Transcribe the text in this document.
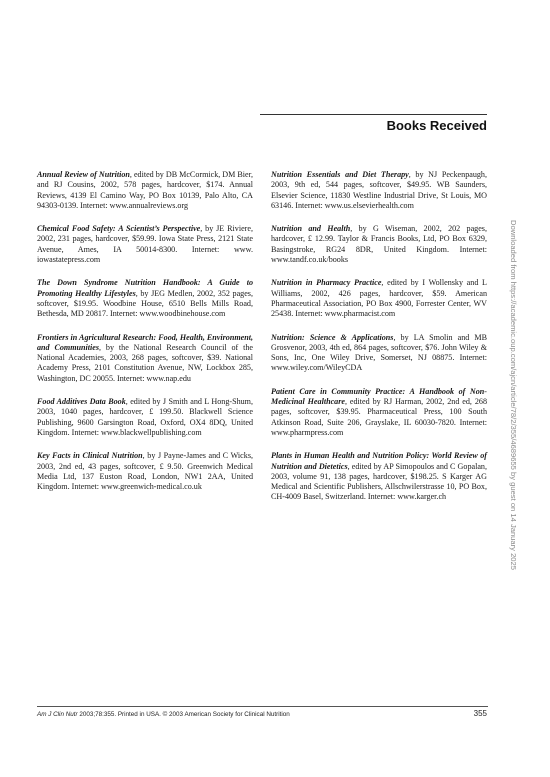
Books Received

Annual Review of Nutrition, edited by DB McCormick, DM Bier, and RJ Cousins, 2002, 578 pages, hardcover, $174. Annual Reviews, 4139 El Camino Way, PO Box 10139, Palo Alto, CA 94303-0139. Internet: www.annualreviews.org

Chemical Food Safety: A Scientist’s Perspective, by JE Riviere, 2002, 231 pages, hardcover, $59.99. Iowa State Press, 2121 State Avenue, Ames, IA 50014-8300. Internet: www. iowastatepress.com

The Down Syndrome Nutrition Handbook: A Guide to Promoting Healthy Lifestyles, by JEG Medlen, 2002, 352 pages, softcover, $19.95. Woodbine House, 6510 Bells Mills Road, Bethesda, MD 20817. Internet: www.woodbinehouse.com

Frontiers in Agricultural Research: Food, Health, Environment, and Communities, by the National Research Council of the National Academies, 2003, 268 pages, softcover, $39. National Academy Press, 2101 Constitution Avenue, NW, Lockbox 285, Washington, DC 20055. Internet: www.nap.edu

Food Additives Data Book, edited by J Smith and L Hong-Shum, 2003, 1040 pages, hardcover, £ 199.50. Blackwell Science Publishing, 9600 Garsington Road, Oxford, OX4 8DQ, United Kingdom. Internet: www.blackwellpublishing.com

Key Facts in Clinical Nutrition, by J Payne-James and C Wicks, 2003, 2nd ed, 43 pages, softcover, £ 9.50. Greenwich Medical Media Ltd, 137 Euston Road, London, NW1 2AA, United Kingdom. Internet: www.greenwich-medical.co.uk

Nutrition Essentials and Diet Therapy, by NJ Peckenpaugh, 2003, 9th ed, 544 pages, softcover, $49.95. WB Saunders, Elsevier Science, 11830 Westline Industrial Drive, St Louis, MO 63146. Internet: www.us.elsevierhealth.com

Nutrition and Health, by G Wiseman, 2002, 202 pages, hardcover, £ 12.99. Taylor & Francis Books, Ltd, PO Box 6329, Basingstroke, RG24 8DR, United Kingdom. Internet: www.tandf.co.uk/books

Nutrition in Pharmacy Practice, edited by I Wollensky and L Williams, 2002, 426 pages, hardcover, $59. American Pharmaceutical Association, PO Box 4900, Forrester Center, WV 25438. Internet: www.pharmacist.com

Nutrition: Science & Applications, by LA Smolin and MB Grosvenor, 2003, 4th ed, 864 pages, softcover, $76. John Wiley & Sons, Inc, One Wiley Drive, Somerset, NJ 08875. Internet: www.wiley.com/WileyCDA

Patient Care in Community Practice: A Handbook of Non-Medicinal Healthcare, edited by RJ Harman, 2002, 2nd ed, 268 pages, softcover, $39.95. Pharmaceutical Press, 100 South Atkinson Road, Suite 206, Grayslake, IL 60030-7820. Internet: www.pharmpress.com

Plants in Human Health and Nutrition Policy: World Review of Nutrition and Dietetics, edited by AP Simopoulos and C Gopalan, 2003, volume 91, 138 pages, hardcover, $198.25. S Karger AG Medical and Scientific Publishers, Allschwilerstrasse 10, PO Box, CH-4009 Basel, Switzerland. Internet: www.karger.ch

Am J Clin Nutr 2003;78:355. Printed in USA. © 2003 American Society for Clinical Nutrition	355
Downloaded from https://academic.oup.com/ajcn/article/78/2/355/4689655 by guest on 14 January 2025
